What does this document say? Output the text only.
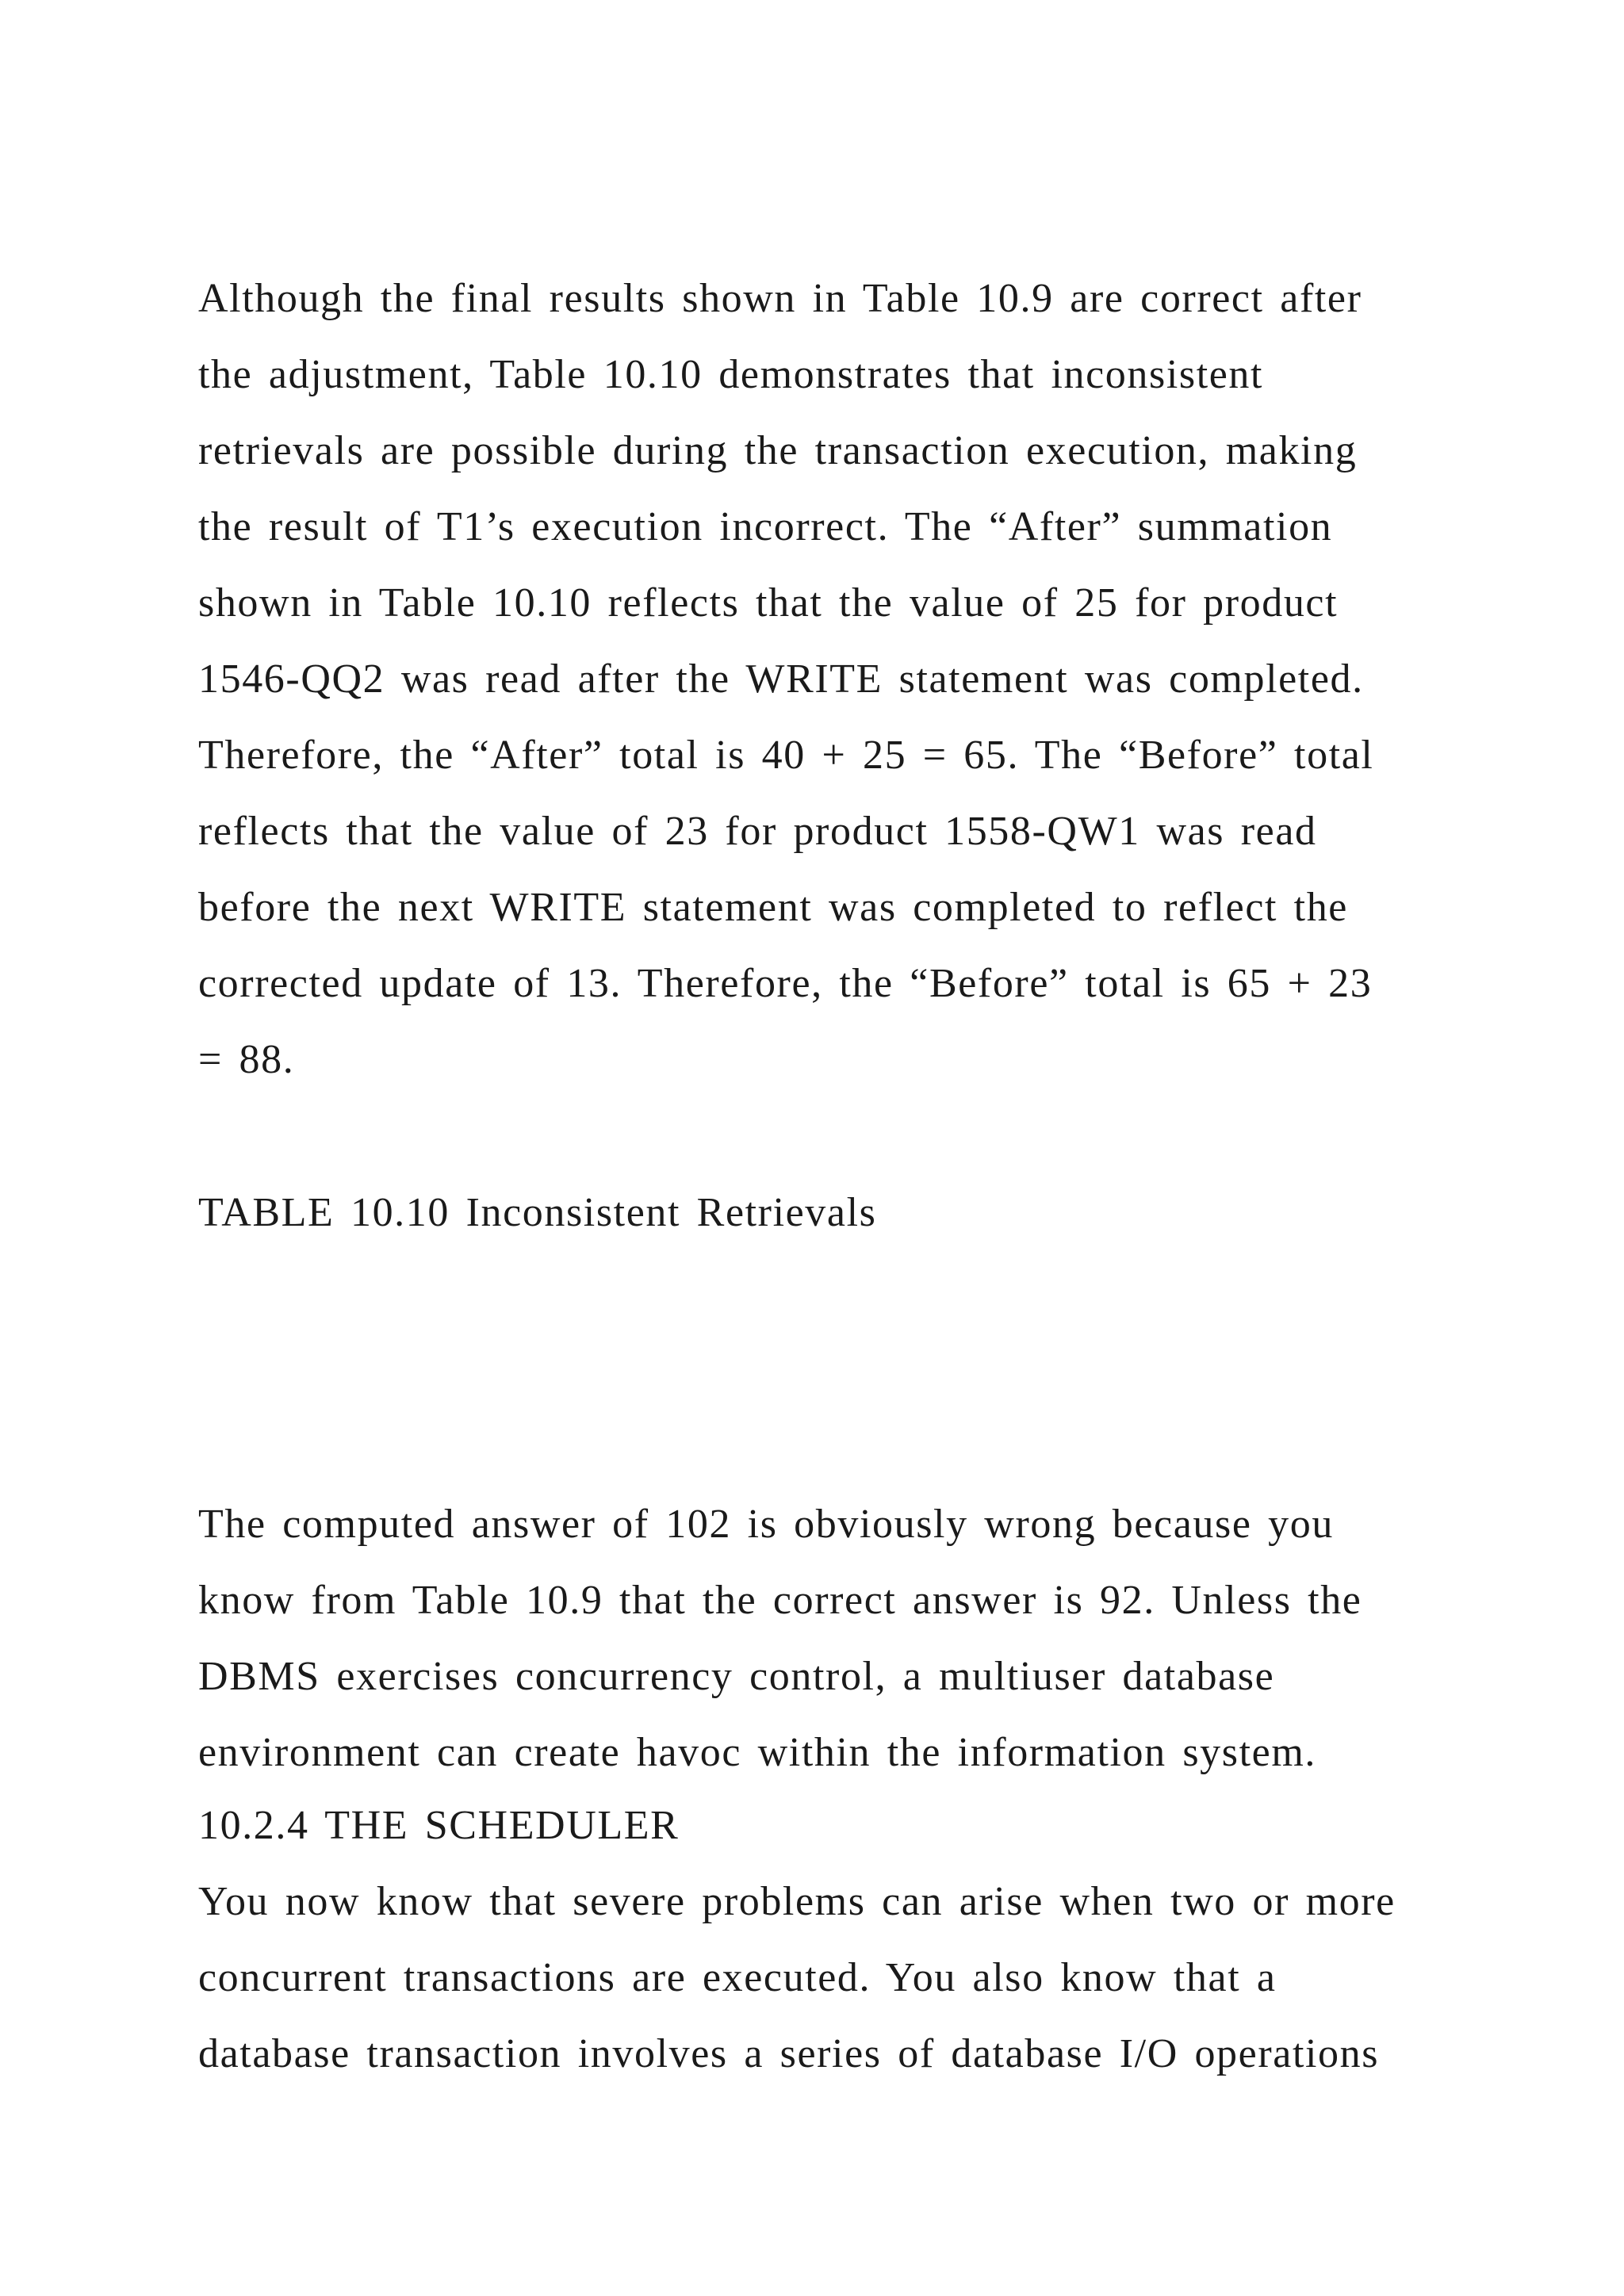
Although the final results shown in Table 10.9 are correct after

the adjustment, Table 10.10 demonstrates that inconsistent

retrievals are possible during the transaction execution, making

the result of T1’s execution incorrect. The “After” summation

shown in Table 10.10 reflects that the value of 25 for product

1546-QQ2 was read after the WRITE statement was completed.

Therefore, the “After” total is 40 + 25 = 65. The “Before” total

reflects that the value of 23 for product 1558-QW1 was read

before the next WRITE statement was completed to reflect the

corrected update of 13. Therefore, the “Before” total is 65 + 23

= 88.

TABLE 10.10 Inconsistent Retrievals

The computed answer of 102 is obviously wrong because you

know from Table 10.9 that the correct answer is 92. Unless the

DBMS exercises concurrency control, a multiuser database

environment can create havoc within the information system.

10.2.4 THE SCHEDULER

You now know that severe problems can arise when two or more

concurrent transactions are executed. You also know that a

database transaction involves a series of database I/O operations
